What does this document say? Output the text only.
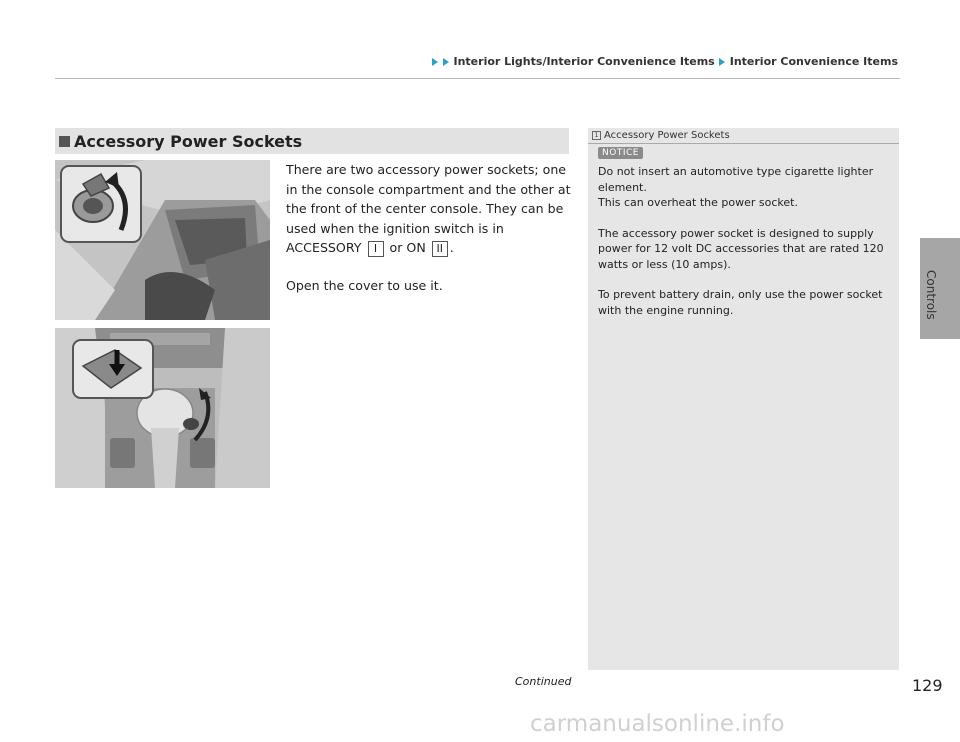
Interior Lights/Interior Convenience Items Interior Convenience Items
Accessory Power Sockets

There are two accessory power sockets; one in the console compartment and the other at the front of the center console. They can be used when the ignition switch is in ACCESSORY I or ON II .

Open the cover to use it.

1 Accessory Power Sockets
NOTICE

Do not insert an automotive type cigarette lighter element.
This can overheat the power socket.

The accessory power socket is designed to supply power for 12 volt DC accessories that are rated 120 watts or less (10 amps).

To prevent battery drain, only use the power socket with the engine running.	Controls
Continued	129
carmanualsonline.info
